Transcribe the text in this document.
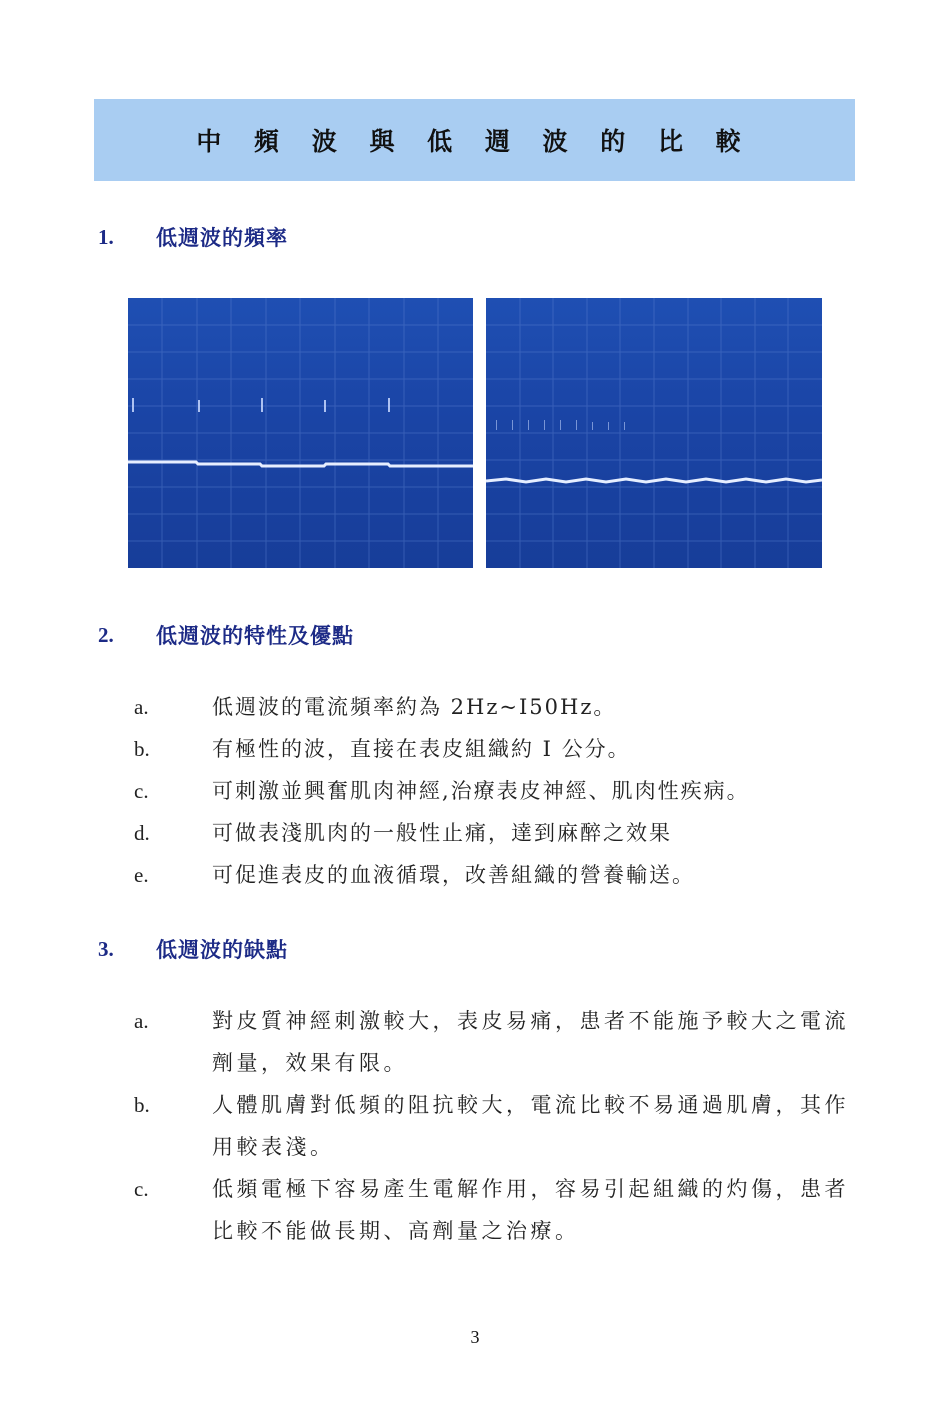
中 頻 波 與 低 週 波 的 比 較
1.	低週波的頻率
2.	低週波的特性及優點
a.	低週波的電流頻率約為 2Hz~I50Hz。
b.	有極性的波，直接在表皮組織約 I 公分。
c.	可刺激並興奮肌肉神經,治療表皮神經、肌肉性疾病。
d.	可做表淺肌肉的一般性止痛，達到麻醉之效果
e.	可促進表皮的血液循環，改善組織的營養輸送。
3.	低週波的缺點
a.	對皮質神經刺激較大，表皮易痛，患者不能施予較大之電流劑量，效果有限。
b.	人體肌膚對低頻的阻抗較大，電流比較不易通過肌膚，其作用較表淺。
c.	低頻電極下容易產生電解作用，容易引起組織的灼傷，患者比較不能做長期、高劑量之治療。
3
